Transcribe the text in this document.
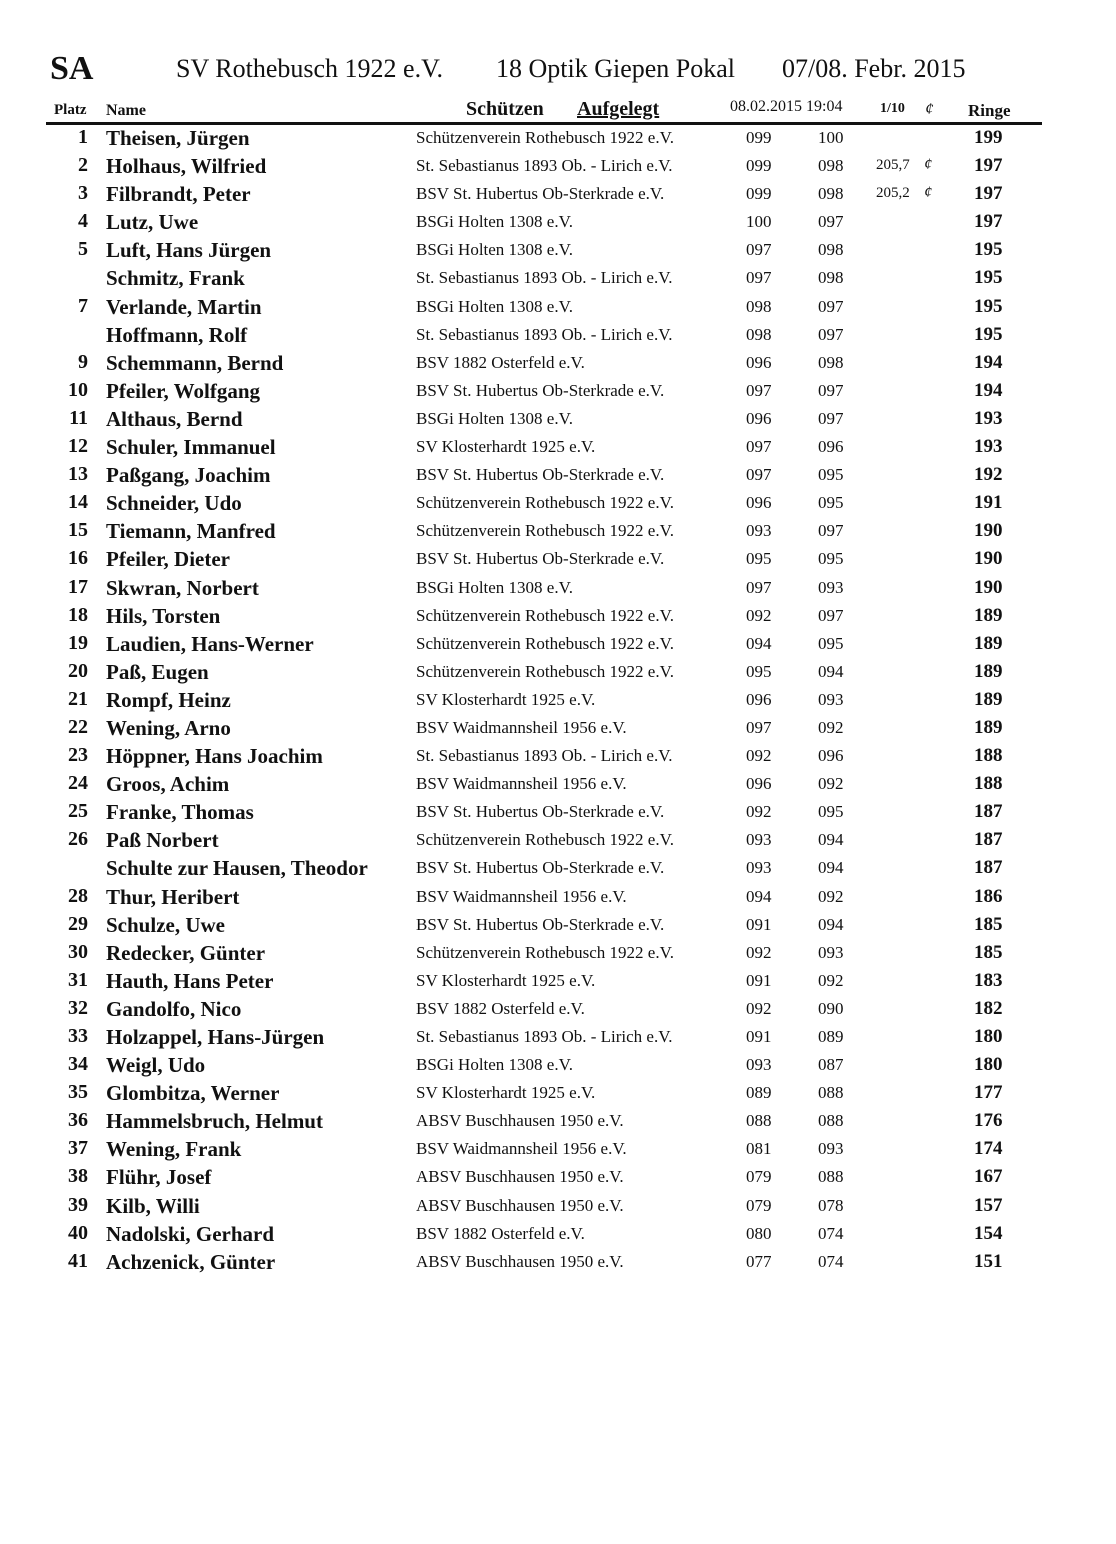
SA	SV Rothebusch 1922 e.V. 18 Optik Giepen Pokal 07/08. Febr. 2015
Platz Name	Schützen Aufgelegt	08.02.2015 19:04	1/10 ¢ Ringe
1 Theisen, Jürgen	Schützenverein Rothebusch 1922 e.V.	099	100	199
2 Holhaus, Wilfried	St. Sebastianus 1893 Ob. - Lirich e.V.	099	098 205,7 ¢ 197
3 Filbrandt, Peter	BSV St. Hubertus Ob-Sterkrade e.V.	099	098 205,2 ¢ 197
4 Lutz, Uwe	BSGi Holten 1308 e.V.	100	097	197
5 Luft, Hans Jürgen	BSGi Holten 1308 e.V.	097	098	195
Schmitz, Frank	St. Sebastianus 1893 Ob. - Lirich e.V.	097	098	195
7 Verlande, Martin	BSGi Holten 1308 e.V.	098	097	195
Hoffmann, Rolf	St. Sebastianus 1893 Ob. - Lirich e.V.	098	097	195
9 Schemmann, Bernd	BSV 1882 Osterfeld e.V.	096	098	194
10 Pfeiler, Wolfgang	BSV St. Hubertus Ob-Sterkrade e.V.	097	097	194
11 Althaus, Bernd	BSGi Holten 1308 e.V.	096	097	193
12 Schuler, Immanuel	SV Klosterhardt 1925 e.V.	097	096	193
13 Paßgang, Joachim	BSV St. Hubertus Ob-Sterkrade e.V.	097	095	192
14 Schneider, Udo	Schützenverein Rothebusch 1922 e.V.	096	095	191
15 Tiemann, Manfred	Schützenverein Rothebusch 1922 e.V.	093	097	190
16 Pfeiler, Dieter	BSV St. Hubertus Ob-Sterkrade e.V.	095	095	190
17 Skwran, Norbert	BSGi Holten 1308 e.V.	097	093	190
18 Hils, Torsten	Schützenverein Rothebusch 1922 e.V.	092	097	189
19 Laudien, Hans-Werner	Schützenverein Rothebusch 1922 e.V.	094	095	189
20 Paß, Eugen	Schützenverein Rothebusch 1922 e.V.	095	094	189
21 Rompf, Heinz	SV Klosterhardt 1925 e.V.	096	093	189
22 Wening, Arno	BSV Waidmannsheil 1956 e.V.	097	092	189
23 Höppner, Hans Joachim	St. Sebastianus 1893 Ob. - Lirich e.V.	092	096	188
24 Groos, Achim	BSV Waidmannsheil 1956 e.V.	096	092	188
25 Franke, Thomas	BSV St. Hubertus Ob-Sterkrade e.V.	092	095	187
26 Paß Norbert	Schützenverein Rothebusch 1922 e.V.	093	094	187
Schulte zur Hausen, Theodor	BSV St. Hubertus Ob-Sterkrade e.V.	093	094	187
28 Thur, Heribert	BSV Waidmannsheil 1956 e.V.	094	092	186
29 Schulze, Uwe	BSV St. Hubertus Ob-Sterkrade e.V.	091	094	185
30 Redecker, Günter	Schützenverein Rothebusch 1922 e.V.	092	093	185
31 Hauth, Hans Peter	SV Klosterhardt 1925 e.V.	091	092	183
32 Gandolfo, Nico	BSV 1882 Osterfeld e.V.	092	090	182
33 Holzappel, Hans-Jürgen	St. Sebastianus 1893 Ob. - Lirich e.V.	091	089	180
34 Weigl, Udo	BSGi Holten 1308 e.V.	093	087	180
35 Glombitza, Werner	SV Klosterhardt 1925 e.V.	089	088	177
36 Hammelsbruch, Helmut	ABSV Buschhausen 1950 e.V.	088	088	176
37 Wening, Frank	BSV Waidmannsheil 1956 e.V.	081	093	174
38 Flühr, Josef	ABSV Buschhausen 1950 e.V.	079	088	167
39 Kilb, Willi	ABSV Buschhausen 1950 e.V.	079	078	157
40 Nadolski, Gerhard	BSV 1882 Osterfeld e.V.	080	074	154
41 Achzenick, Günter	ABSV Buschhausen 1950 e.V.	077	074	151
